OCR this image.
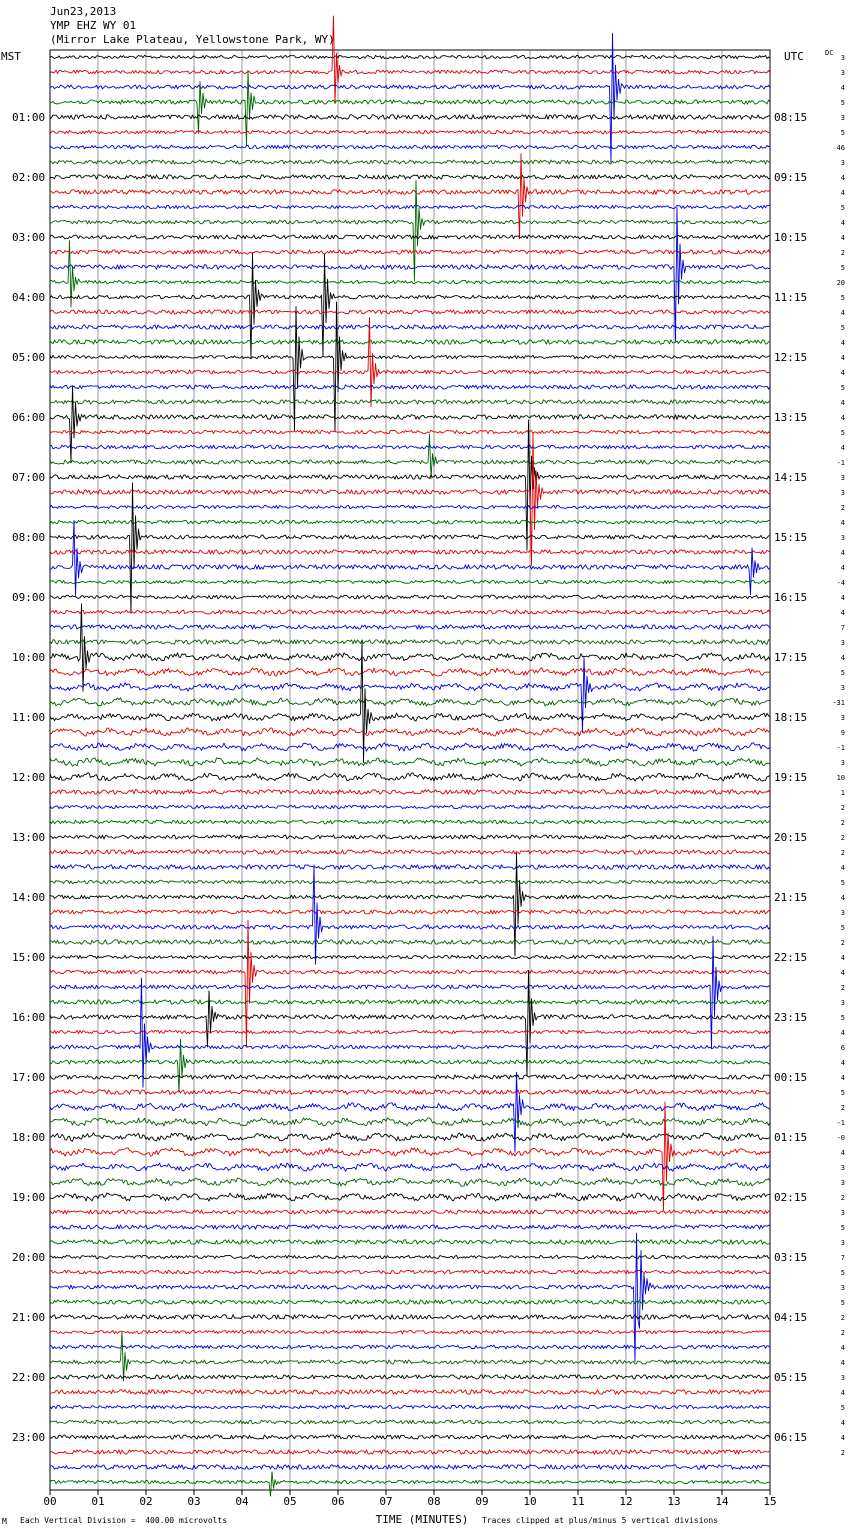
Jun23,2013
YMP EHZ WY 01
(Mirror Lake Plateau, Yellowstone Park, WY)
MST	UTC	DC
01:00
02:00
03:00
04:00
05:00
06:00
07:00
08:00
09:00
10:00
11:00
12:00
13:00
14:00
15:00
16:00
17:00
18:00
19:00
20:00
21:00
22:00
23:00
08:15
09:15
10:15
11:15
12:15
13:15
14:15
15:15
16:15
17:15
18:15
19:15
20:15
21:15
22:15
23:15
00:15
01:15
02:15
03:15
04:15
05:15
06:15
3
3
4
5
3
5
46
3
4
4
5
4
4
2
5
20
5
4
5
4
4
4
5
4
4
5
4
-1
3
3
2
4
3
4
4
-4
4
4
7
3
4
5
3
-31
3
9
-1
3
10
1
2
2
2
2
4
5
4
3
5
2
4
4
2
3
5
4
6
4
4
5
2
-1
-0
4
3
3
2
3
5
3
7
5
3
5
2
2
4
4
3
4
5
4
4
2
00	01	02	03	04	05	06	07	08	09	10	11	12	13	14	15
TIME (MINUTES)
M Each Vertical Division =  400.00 microvolts	Traces clipped at plus/minus 5 vertical divisions
